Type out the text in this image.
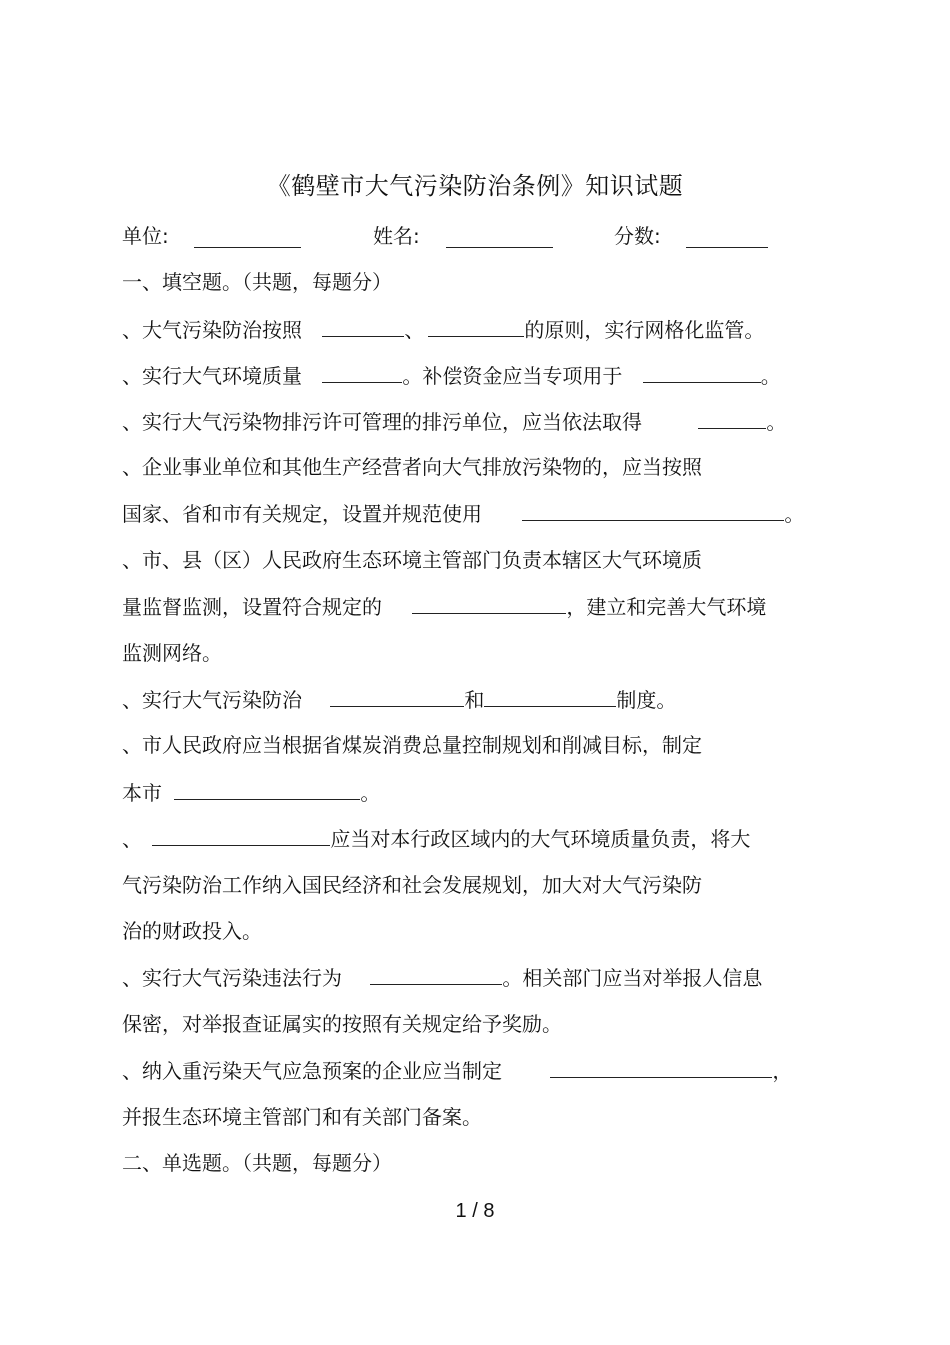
《鹤壁市大气污染防治条例》知识试题
单位:	姓名:	分数:
一、填空题。（共题，每题分）
、大气污染防治按照	、	的原则，实行网格化监管。
、实行大气环境质量	。补偿资金应当专项用于	。
、实行大气污染物排污许可管理的排污单位，应当依法取得	。
、企业事业单位和其他生产经营者向大气排放污染物的，应当按照
国家、省和市有关规定，设置并规范使用	。
、市、县（区）人民政府生态环境主管部门负责本辖区大气环境质
量监督监测，设置符合规定的	，建立和完善大气环境
监测网络。
、实行大气污染防治	和	制度。
、市人民政府应当根据省煤炭消费总量控制规划和削减目标，制定
本市	。
、	应当对本行政区域内的大气环境质量负责，将大
气污染防治工作纳入国民经济和社会发展规划，加大对大气污染防
治的财政投入。
、实行大气污染违法行为	。相关部门应当对举报人信息
保密，对举报查证属实的按照有关规定给予奖励。
、纳入重污染天气应急预案的企业应当制定	，
并报生态环境主管部门和有关部门备案。
二、单选题。（共题，每题分）
1 / 8
